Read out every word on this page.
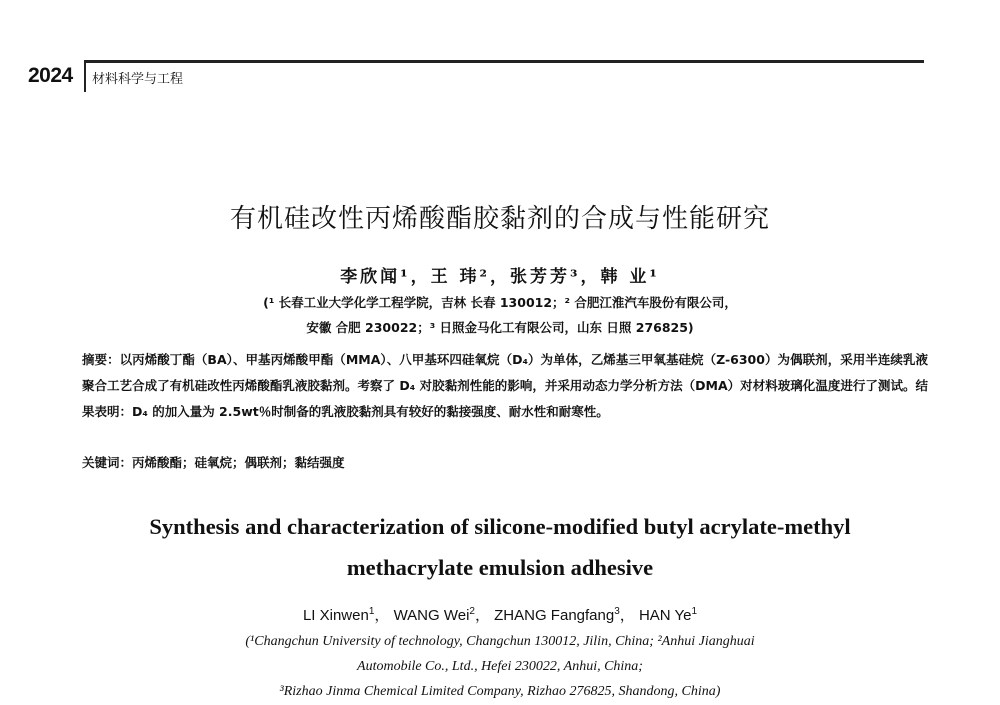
2024 材料科学与工程
有机硅改性丙烯酸酯胶黏剂的合成与性能研究
李欣闻¹，王 玮²，张芳芳³，韩 业¹
(¹ 长春工业大学化学工程学院，吉林 长春 130012；² 合肥江淮汽车股份有限公司，
安徽 合肥 230022；³ 日照金马化工有限公司，山东 日照 276825)
摘要：以丙烯酸丁酯（BA）、甲基丙烯酸甲酯（MMA）、八甲基环四硅氧烷（D₄）为单体，乙烯基三甲氧基硅烷（Z-6300）为偶联剂，采用半连续乳液聚合工艺合成了有机硅改性丙烯酸酯乳液胶黏剂。考察了 D₄ 对胶黏剂性能的影响，并采用动态力学分析方法（DMA）对材料玻璃化温度进行了测试。结果表明：D₄ 的加入量为 2.5wt％时制备的乳液胶黏剂具有较好的黏接强度、耐水性和耐寒性。
关键词：丙烯酸酯；硅氧烷；偶联剂；黏结强度
Synthesis and characterization of silicone-modified butyl acrylate-methyl
methacrylate emulsion adhesive
LI Xinwen$^1$， WANG Wei$^2$， ZHANG Fangfang$^3$， HAN Ye$^1$
(¹Changchun University of technology, Changchun 130012, Jilin, China; ²Anhui Jianghuai
Automobile Co., Ltd., Hefei 230022, Anhui, China;
³Rizhao Jinma Chemical Limited Company, Rizhao 276825, Shandong, China)
